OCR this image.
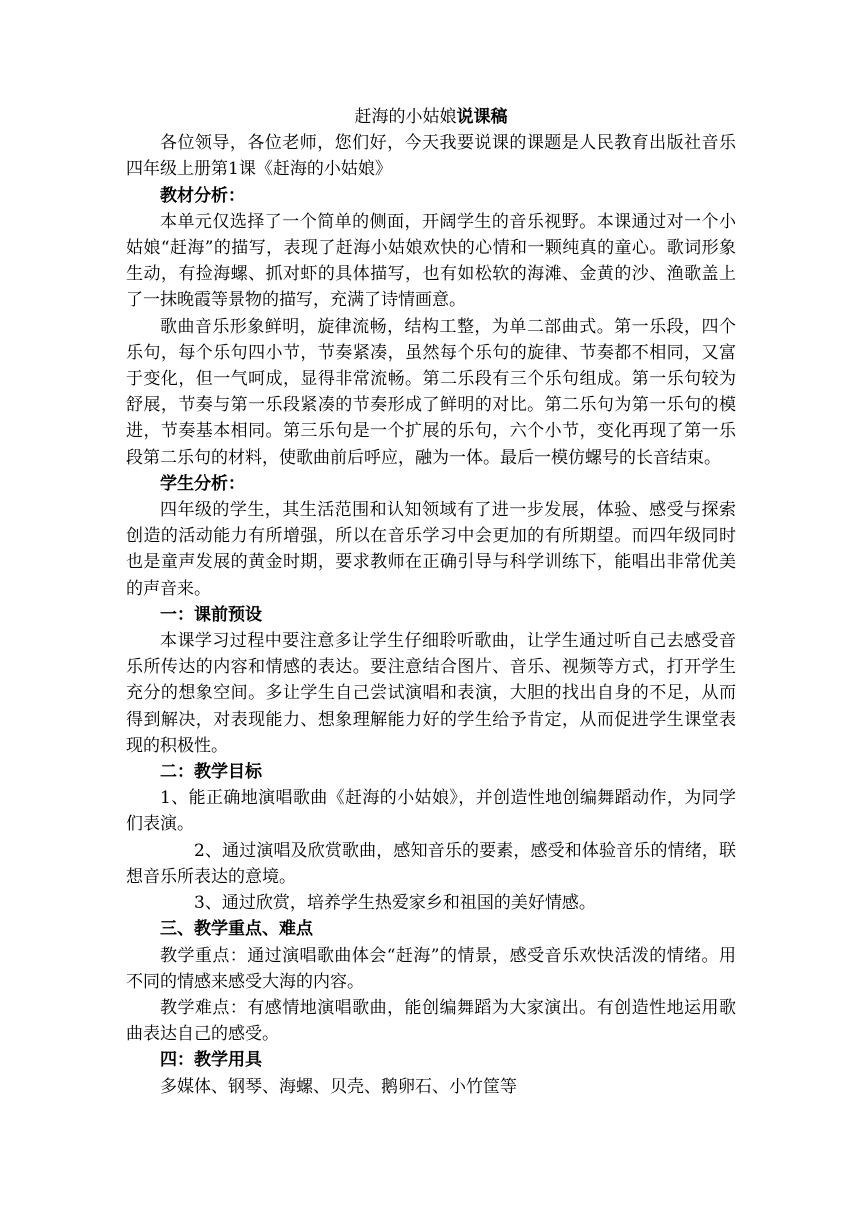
赶海的小姑娘说课稿

各位领导，各位老师，您们好，今天我要说课的课题是人民教育出版社音乐四年级上册第1课《赶海的小姑娘》

教材分析：

本单元仅选择了一个简单的侧面，开阔学生的音乐视野。本课通过对一个小姑娘“赶海”的描写，表现了赶海小姑娘欢快的心情和一颗纯真的童心。歌词形象生动，有捡海螺、抓对虾的具体描写，也有如松软的海滩、金黄的沙、渔歌盖上了一抹晚霞等景物的描写，充满了诗情画意。

歌曲音乐形象鲜明，旋律流畅，结构工整，为单二部曲式。第一乐段，四个乐句，每个乐句四小节，节奏紧凑，虽然每个乐句的旋律、节奏都不相同，又富于变化，但一气呵成，显得非常流畅。第二乐段有三个乐句组成。第一乐句较为舒展，节奏与第一乐段紧凑的节奏形成了鲜明的对比。第二乐句为第一乐句的模进，节奏基本相同。第三乐句是一个扩展的乐句，六个小节，变化再现了第一乐段第二乐句的材料，使歌曲前后呼应，融为一体。最后一模仿螺号的长音结束。

学生分析：

四年级的学生，其生活范围和认知领域有了进一步发展，体验、感受与探索创造的活动能力有所增强，所以在音乐学习中会更加的有所期望。而四年级同时也是童声发展的黄金时期，要求教师在正确引导与科学训练下，能唱出非常优美的声音来。

一：课前预设

本课学习过程中要注意多让学生仔细聆听歌曲，让学生通过听自己去感受音乐所传达的内容和情感的表达。要注意结合图片、音乐、视频等方式，打开学生充分的想象空间。多让学生自己尝试演唱和表演，大胆的找出自身的不足，从而得到解决，对表现能力、想象理解能力好的学生给予肯定，从而促进学生课堂表现的积极性。

二：教学目标

1、能正确地演唱歌曲《赶海的小姑娘》，并创造性地创编舞蹈动作，为同学们表演。

2、通过演唱及欣赏歌曲，感知音乐的要素，感受和体验音乐的情绪，联想音乐所表达的意境。

3、通过欣赏，培养学生热爱家乡和祖国的美好情感。

三、教学重点、难点

教学重点：通过演唱歌曲体会“赶海”的情景，感受音乐欢快活泼的情绪。用不同的情感来感受大海的内容。

教学难点：有感情地演唱歌曲，能创编舞蹈为大家演出。有创造性地运用歌曲表达自己的感受。

四：教学用具

多媒体、钢琴、海螺、贝壳、鹅卵石、小竹筐等
